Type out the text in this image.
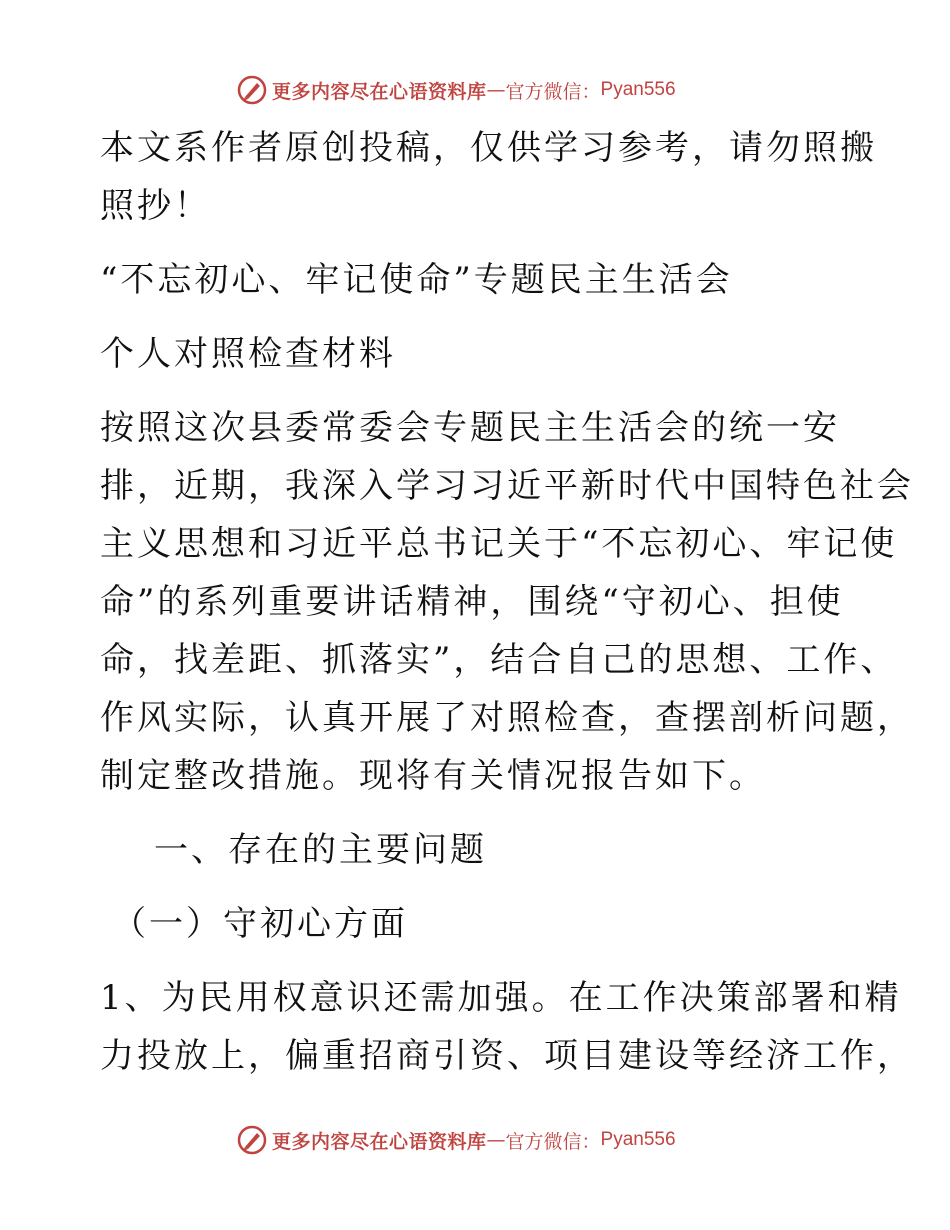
更多内容尽在心语资料库 — 官方微信： Pyan556
本文系作者原创投稿，仅供学习参考，请勿照搬
照抄！
“不忘初心、牢记使命”专题民主生活会
个人对照检查材料
按照这次县委常委会专题民主生活会的统一安
排，近期，我深入学习习近平新时代中国特色社会
主义思想和习近平总书记关于“不忘初心、牢记使
命”的系列重要讲话精神，围绕“守初心、担使
命，找差距、抓落实”，结合自己的思想、工作、
作风实际，认真开展了对照检查，查摆剖析问题，
制定整改措施。现将有关情况报告如下。
一、存在的主要问题
（一）守初心方面
1、为民用权意识还需加强。在工作决策部署和精
力投放上，偏重招商引资、项目建设等经济工作，
更多内容尽在心语资料库 — 官方微信： Pyan556
